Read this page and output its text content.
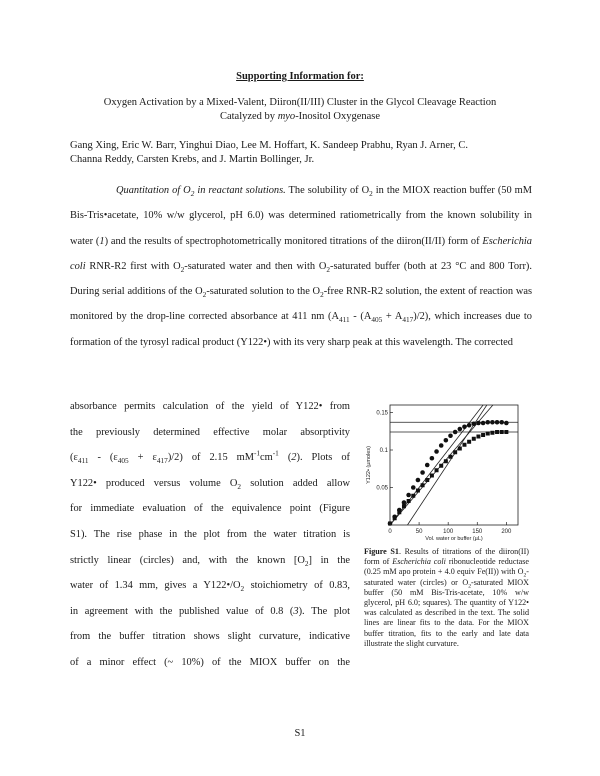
Supporting Information for:
Oxygen Activation by a Mixed-Valent, Diiron(II/III) Cluster in the Glycol Cleavage Reaction
Catalyzed by myo-Inositol Oxygenase
Gang Xing, Eric W. Barr, Yinghui Diao, Lee M. Hoffart, K. Sandeep Prabhu, Ryan J. Arner, C.
Channa Reddy, Carsten Krebs, and J. Martin Bollinger, Jr.
Quantitation of $O_2$ in reactant solutions. The solubility of $O_2$ in the MIOX reaction buffer (50 mM Bis-Tris•acetate, 10% w/w glycerol, pH 6.0) was determined ratiometrically from the known solubility in water (1) and the results of spectrophotometrically monitored titrations of the diiron(II/II) form of Escherichia coli RNR-R2 first with $O_2$-saturated water and then with $O_2$-saturated buffer (both at 23 °C and 800 Torr). During serial additions of the $O_2$-saturated solution to the $O_2$-free RNR-R2 solution, the extent of reaction was monitored by the drop-line corrected absorbance at 411 nm $(A_{411} - (A_{405} + A_{417})/2)$, which increases due to formation of the tyrosyl radical product (Y122•) with its very sharp peak at this wavelength. The corrected
absorbance permits calculation of the yield of Y122• from
the previously determined effective molar absorptivity
$(\varepsilon_{411} - (\varepsilon_{405} + \varepsilon_{417})/2)$ of 2.15 $mM^{-1}cm^{-1}$ (2). Plots of
Y122• produced versus volume $O_2$ solution added allow
for immediate evaluation of the equivalence point (Figure
S1). The rise phase in the plot from the water titration is
strictly linear (circles) and, with the known $[O_2]$ in the
water of 1.34 mm, gives a $Y122•/O_2$ stoichiometry of 0.83,
in agreement with the published value of 0.8 (3). The plot
from the buffer titration shows slight curvature, indicative
of a minor effect (~ 10%) of the MIOX buffer on the
0	50	100	150	200
0.05
0.1
0.15
Vol. water or buffer (µL)
Y122• (µmoles)
Figure S1. Results of titrations of the diiron(II) form of Escherichia coli ribonucleotide reductase (0.25 mM apo protein + 4.0 equiv Fe(II)) with $O_2$-saturated water (circles) or $O_2$-saturated MIOX buffer (50 mM Bis-Tris-acetate, 10% w/w glycerol, pH 6.0; squares). The quantity of Y122• was calculated as described in the text. The solid lines are linear fits to the data. For the MIOX buffer titration, fits to the early and late data illustrate the slight curvature.
S1
